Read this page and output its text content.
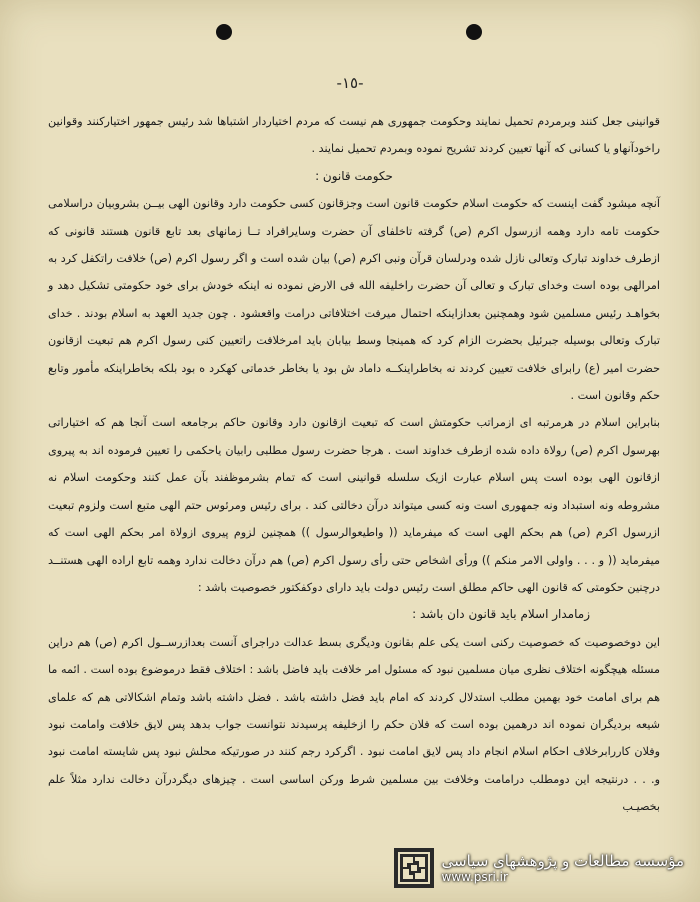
-١٥-

قوانینی جعل کنند وبرمردم تحمیل نمایند وحکومت جمهوری هم نیست که مردم اختیاردار اشتباها شد رئیس جمهور اختیارکنند وقوانین راخودآنهاو یا کسانی که آنها تعیین کردند تشریح نموده وبمردم تحمیل نمایند .

حکومت قانون :

آنچه میشود گفت اینست که حکومت اسلام حکومت قانون است وجزقانون کسی حکومت دارد وقانون الهی بیــن بشروبیان دراسلامی حکومت تامه دارد وهمه ازرسول اکرم (ص) گرفته تاخلفای آن حضرت وسایرافراد تــا زمانهای بعد تابع قانون هستند قانونی که ازطرف خداوند تبارک وتعالی نازل شده ودرلسان قرآن ونبی اکرم (ص) بیان شده است و اگر رسول اکرم (ص) خلافت راتکفل کرد به امرالهی بوده است وخدای تبارک و تعالی آن حضرت راخلیفه الله فی الارض نموده نه اینکه خودش برای خود حکومتی تشکیل دهد و بخواهـد رئیس مسلمین شود وهمچنین بعدازاینکه احتمال میرفت اختلافاتی درامت واقعشود . چون جدید العهد به اسلام بودند . خدای تبارک وتعالی بوسیله جبرئیل بحضرت الزام کرد که همینجا وسط بیابان باید امرخلافت راتعیین کنی رسول اکرم هم تبعیت ازقانون حضرت امیر (ع) رابرای خلافت تعیین کردند نه بخاطراینکــه داماد ش بود یا بخاطر خدماتی کهکرد ه بود بلکه بخاطراینکه مأمور وتابع حکم وقانون است .

بنابراین اسلام در هرمرتبه ای ازمراتب حکومتش است که تبعیت ازقانون دارد وقانون حاکم برجامعه است آنجا هم که اختیاراتی بهرسول اکرم (ص) رولاة داده شده ازطرف خداوند است . هرجا حضرت رسول مطلبی رابیان یاحکمی را تعیین فرموده اند به پیروی ازقانون الهی بوده است پس اسلام عبارت ازیک سلسله قوانینی است که تمام بشرموظفند بآن عمل کنند وحکومت اسلام نه مشروطه ونه استبداد ونه جمهوری است ونه کسی میتواند درآن دخالتی کند . برای رئیس ومرئوس حتم الهی متبع است ولزوم تبعیت ازرسول اکرم (ص) هم بحکم الهی است که میفرماید (( واطیعوالرسول )) همچنین لزوم پیروی ازولاة امر بحکم الهی است که میفرماید (( و . . . واولی الامر منکم )) ورأی اشخاص حتی رأی رسول اکرم (ص) هم درآن دخالت ندارد وهمه تابع اراده الهی هستنــد درچنین حکومتی که قانون الهی حاکم مطلق است رئیس دولت باید دارای دوکفکتور خصوصیت باشد :

زمامدار اسلام باید قانون دان باشد :

این دوخصوصیت که خصوصیت رکنی است یکی علم بقانون ودیگری بسط عدالت دراجرای آنست بعدازرســول اکرم (ص) هم دراین مسئله هیچگونه اختلاف نظری میان مسلمین نبود که مسئول امر خلافت باید فاضل باشد : اختلاف فقط درموضوع بوده است . ائمه ما هم برای امامت خود بهمین مطلب استدلال کردند که امام باید فضل داشته باشد . فضل داشته باشد وتمام اشکالاتی هم که علمای شیعه بردیگران نموده اند درهمین بوده است که فلان حکم را ازخلیفه پرسیدند نتوانست جواب بدهد پس لایق خلافت وامامت نبود وفلان کاررابرخلاف احکام اسلام انجام داد پس لایق امامت نبود . اگرکرد رجم کنند در صورتیکه محلش نبود پس شایسته امامت نبود و. . . درنتیجه این دومطلب درامامت وخلافت بین مسلمین شرط ورکن اساسی است . چیزهای دیگردرآن دخالت ندارد مثلاً علم بخصیـب

مؤسسه مطالعات و پژوهشهای سیاسی
www.psri.ir
